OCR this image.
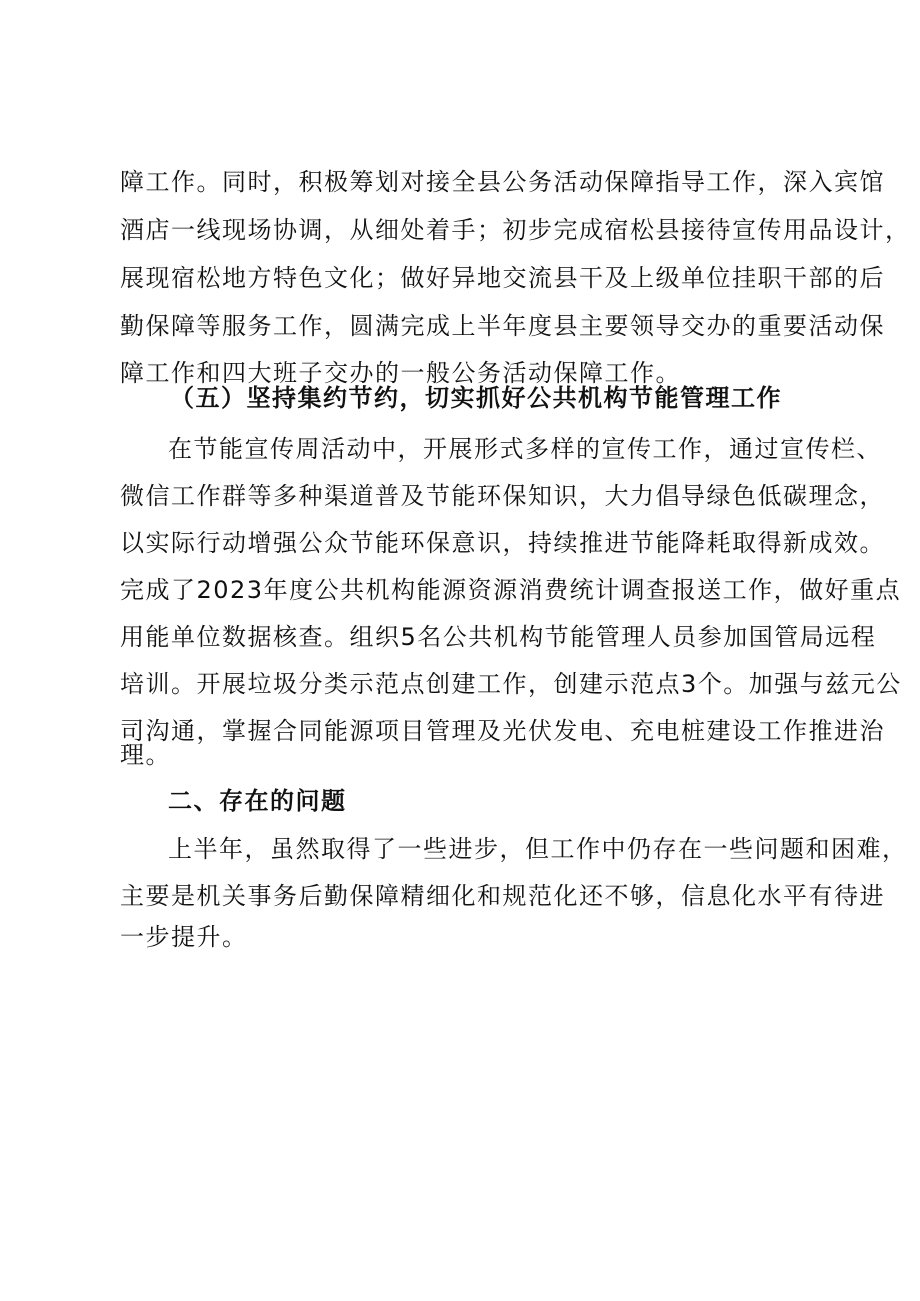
障工作。同时，积极筹划对接全县公务活动保障指导工作，深入宾馆
酒店一线现场协调，从细处着手；初步完成宿松县接待宣传用品设计，
展现宿松地方特色文化；做好异地交流县干及上级单位挂职干部的后
勤保障等服务工作，圆满完成上半年度县主要领导交办的重要活动保
障工作和四大班子交办的一般公务活动保障工作。
（五）坚持集约节约，切实抓好公共机构节能管理工作
在节能宣传周活动中，开展形式多样的宣传工作，通过宣传栏、
微信工作群等多种渠道普及节能环保知识，大力倡导绿色低碳理念，
以实际行动增强公众节能环保意识，持续推进节能降耗取得新成效。
完成了2023年度公共机构能源资源消费统计调查报送工作，做好重点
用能单位数据核查。组织5名公共机构节能管理人员参加国管局远程
培训。开展垃圾分类示范点创建工作，创建示范点3个。加强与兹元公
司沟通，掌握合同能源项目管理及光伏发电、充电桩建设工作推进治
理。
二、存在的问题
上半年，虽然取得了一些进步，但工作中仍存在一些问题和困难，
主要是机关事务后勤保障精细化和规范化还不够，信息化水平有待进
一步提升。
